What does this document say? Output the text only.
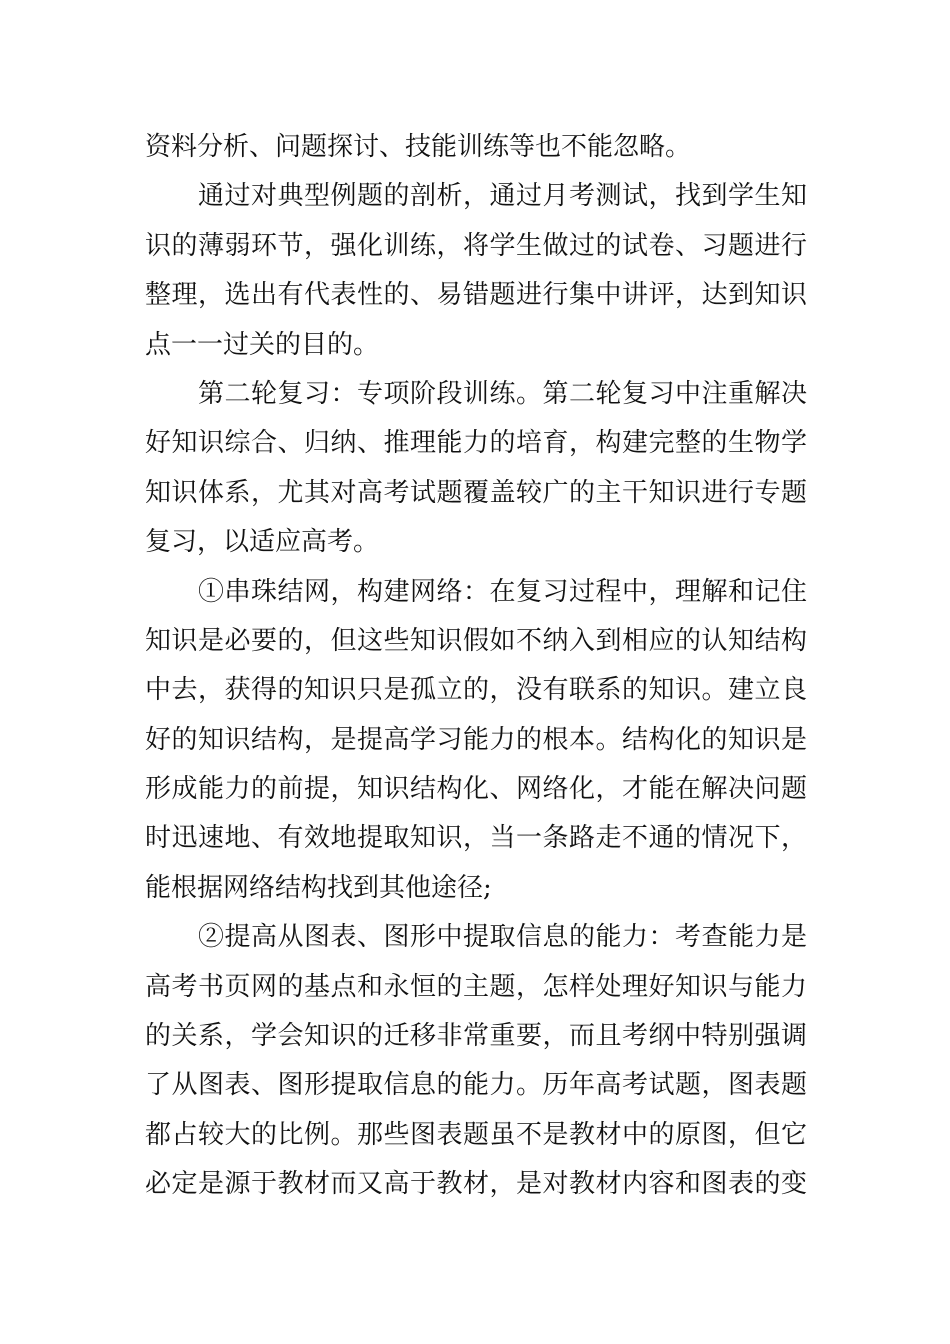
资料分析、问题探讨、技能训练等也不能忽略。
　　通过对典型例题的剖析，通过月考测试，找到学生知
识的薄弱环节，强化训练，将学生做过的试卷、习题进行
整理，选出有代表性的、易错题进行集中讲评，达到知识
点一一过关的目的。
　　第二轮复习：专项阶段训练。第二轮复习中注重解决
好知识综合、归纳、推理能力的培育，构建完整的生物学
知识体系，尤其对高考试题覆盖较广的主干知识进行专题
复习，以适应高考。
　　①串珠结网，构建网络：在复习过程中，理解和记住
知识是必要的，但这些知识假如不纳入到相应的认知结构
中去，获得的知识只是孤立的，没有联系的知识。建立良
好的知识结构，是提高学习能力的根本。结构化的知识是
形成能力的前提，知识结构化、网络化，才能在解决问题
时迅速地、有效地提取知识，当一条路走不通的情况下，
能根据网络结构找到其他途径;
　　②提高从图表、图形中提取信息的能力：考查能力是
高考书页网的基点和永恒的主题，怎样处理好知识与能力
的关系，学会知识的迁移非常重要，而且考纲中特别强调
了从图表、图形提取信息的能力。历年高考试题，图表题
都占较大的比例。那些图表题虽不是教材中的原图，但它
必定是源于教材而又高于教材，是对教材内容和图表的变
